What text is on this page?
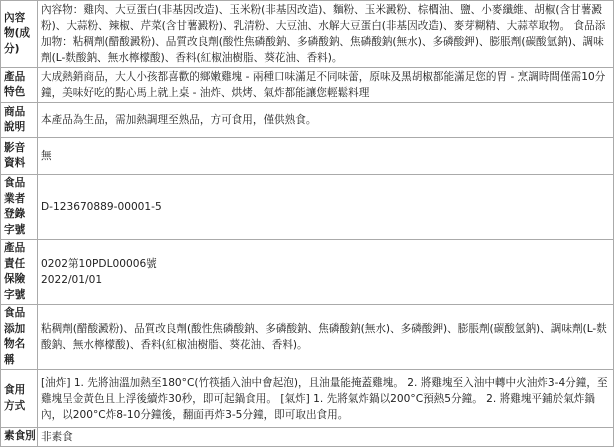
內容物(成分)	內容物：雞肉、大豆蛋白(非基因改造)、玉米粉(非基因改造)、麵粉、玉米澱粉、棕櫚油、鹽、小麥纖維、胡椒(含甘薯澱粉)、大蒜粉、辣椒、芹菜(含甘薯澱粉)、乳清粉、大豆油、水解大豆蛋白(非基因改造)、麥芽糊精、大蒜萃取物。 食品添加物：粘稠劑(醋酸澱粉)、品質改良劑(酸性焦磷酸鈉、多磷酸鈉、焦磷酸鈉(無水)、多磷酸鉀)、膨脹劑(碳酸氫鈉)、調味劑(L-麩酸鈉、無水檸檬酸)、香料(紅椒油樹脂、葵花油、香料)。
產品特色	大成熱銷商品，大人小孩都喜歡的鄉嫩雞塊 - 兩種口味滿足不同味蕾，原味及黑胡椒都能滿足您的胃 - 烹調時間僅需10分鐘，美味好吃的點心馬上就上桌 - 油炸、烘烤、氣炸都能讓您輕鬆料理
商品說明	本產品為生品，需加熱調理至熟品，方可食用，僅供熟食。
影音資料	無
食品業者登錄字號	D-123670889-00001-5
產品責任保險字號	0202第10PDL00006號
2022/01/01

食品添加物名稱	粘稠劑(醋酸澱粉)、品質改良劑(酸性焦磷酸鈉、多磷酸鈉、焦磷酸鈉(無水)、多磷酸鉀)、膨脹劑(碳酸氫鈉)、調味劑(L-麩酸鈉、無水檸檬酸)、香料(紅椒油樹脂、葵花油、香料)。
食用方式	[油炸] 1. 先將油溫加熱至180°C(竹筷插入油中會起泡)，且油量能掩蓋雞塊。 2. 將雞塊至入油中轉中火油炸3-4分鐘，至雞塊呈金黃色且上浮後續炸30秒，即可起鍋食用。 [氣炸] 1. 先將氣炸鍋以200°C預熱5分鐘。 2. 將雞塊平鋪於氣炸鍋內，以200°C炸8-10分鐘後，翻面再炸3-5分鐘，即可取出食用。
素食別	非素食
